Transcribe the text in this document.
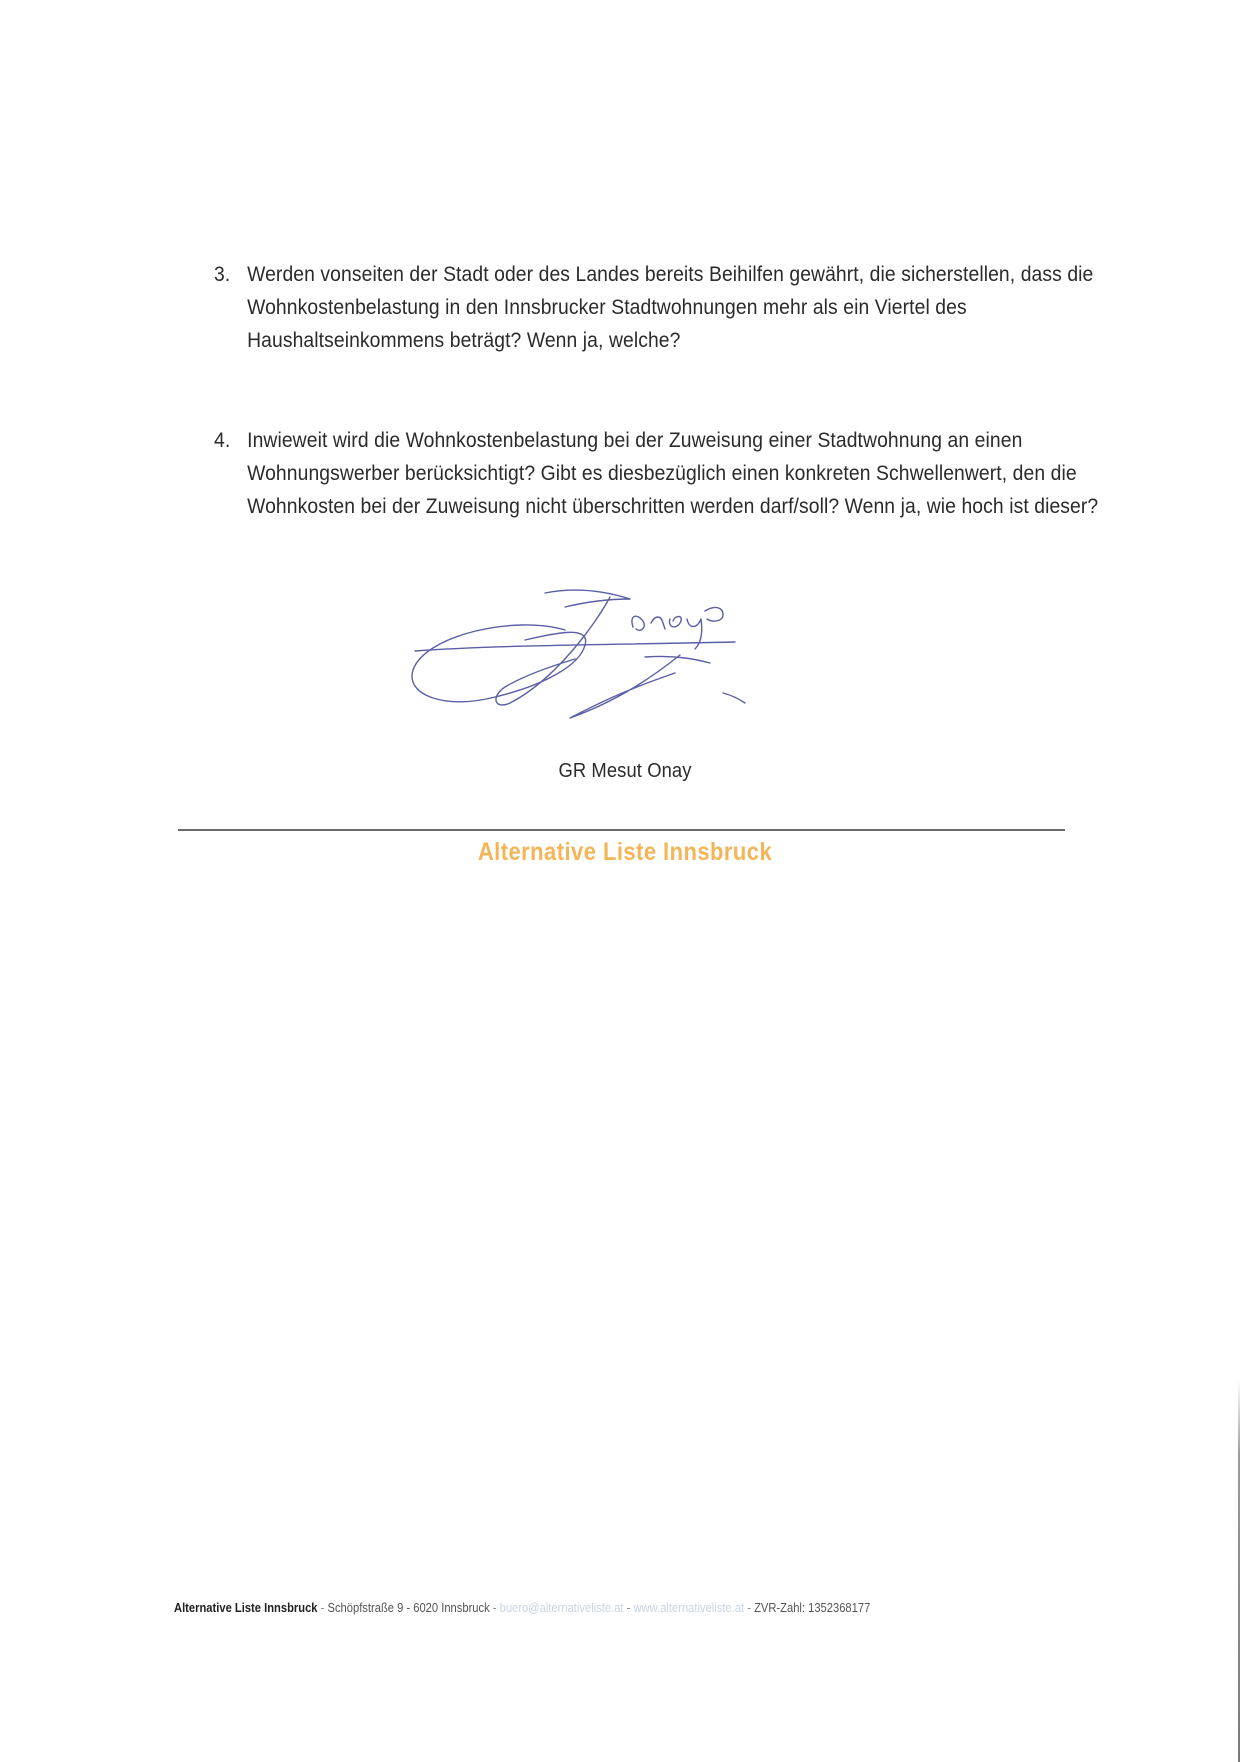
3. Werden vonseiten der Stadt oder des Landes bereits Beihilfen gewährt, die sicherstellen, dass die Wohnkostenbelastung in den Innsbrucker Stadtwohnungen mehr als ein Viertel des Haushaltseinkommens beträgt? Wenn ja, welche?
4. Inwieweit wird die Wohnkostenbelastung bei der Zuweisung einer Stadtwohnung an einen Wohnungswerber berücksichtigt? Gibt es diesbezüglich einen konkreten Schwellenwert, den die Wohnkosten bei der Zuweisung nicht überschritten werden darf/soll? Wenn ja, wie hoch ist dieser?
GR Mesut Onay
Alternative Liste Innsbruck
Alternative Liste Innsbruck - Schöpfstraße 9 - 6020 Innsbruck - buero@alternativeliste.at - www.alternativeliste.at - ZVR-Zahl: 1352368177
